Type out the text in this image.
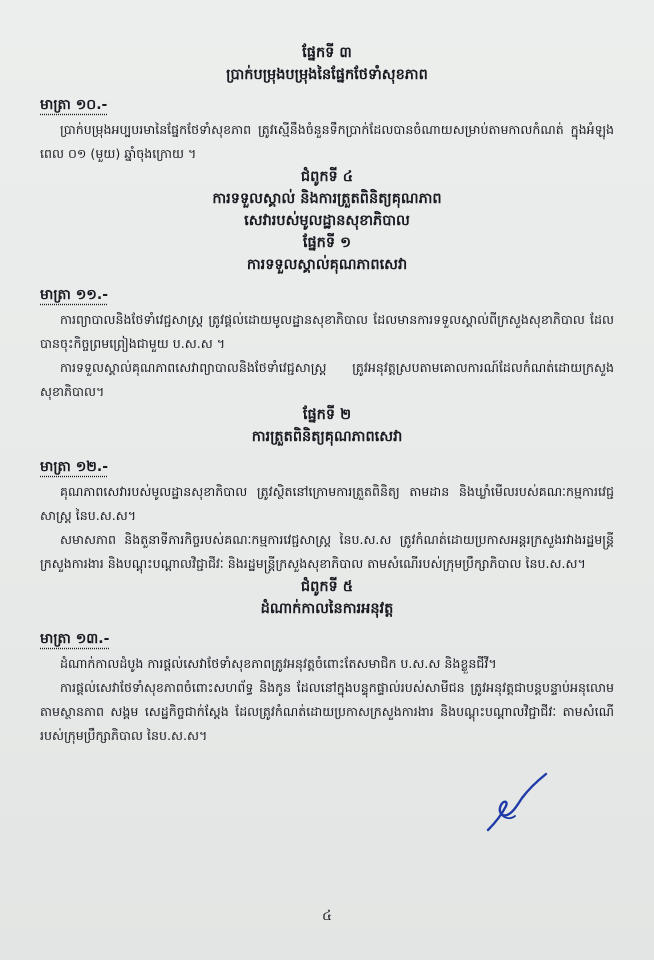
ផ្នែកទី ៣

ប្រាក់បម្រុងបម្រុងនៃផ្នែកថែទាំសុខភាព

មាត្រា ១០.-

ប្រាក់បម្រុងអប្បបរមានៃផ្នែកថែទាំសុខភាព ត្រូវស្មើនឹងចំនួនទឹកប្រាក់ដែលបានចំណាយសម្រាប់តាមកាលកំណត់ ក្នុងអំឡុងពេល ០១ (មួយ) ឆ្នាំចុងក្រោយ ។

ជំពូកទី ៤

ការទទួលស្គាល់ និងការត្រួតពិនិត្យគុណភាព

សេវារបស់មូលដ្ឋានសុខាភិបាល

ផ្នែកទី ១

ការទទួលស្គាល់គុណភាពសេវា

មាត្រា ១១.-

ការព្យាបាលនិងថែទាំវេជ្ជសាស្ត្រ ត្រូវផ្តល់ដោយមូលដ្ឋានសុខាភិបាល ដែលមានការទទួលស្គាល់ពីក្រសួងសុខាភិបាល ដែលបានចុះកិច្ចព្រមព្រៀងជាមួយ ប.ស.ស ។

ការទទួលស្គាល់គុណភាពសេវាព្យាបាលនិងថែទាំវេជ្ជសាស្ត្រ ត្រូវអនុវត្តស្របតាមគោលការណ៍ដែលកំណត់ដោយក្រសួងសុខាភិបាល។

ផ្នែកទី ២

ការត្រួតពិនិត្យគុណភាពសេវា

មាត្រា ១២.-

គុណភាពសេវារបស់មូលដ្ឋានសុខាភិបាល ត្រូវស្ថិតនៅក្រោមការត្រួតពិនិត្យ តាមដាន និងឃ្លាំមើលរបស់គណៈកម្មការវេជ្ជសាស្ត្រ នៃប.ស.ស។

សមាសភាព និងតួនាទីភារកិច្ចរបស់គណៈកម្មការវេជ្ជសាស្ត្រ នៃប.ស.ស ត្រូវកំណត់ដោយប្រកាសអន្តរក្រសួងរវាងរដ្ឋមន្ត្រីក្រសួងការងារ និងបណ្តុះបណ្តាលវិជ្ជាជីវៈ និងរដ្ឋមន្ត្រីក្រសួងសុខាភិបាល តាមសំណើរបស់ក្រុមប្រឹក្សាភិបាល នៃប.ស.ស។

ជំពូកទី ៥

ដំណាក់កាលនៃការអនុវត្ត

មាត្រា ១៣.-

ដំណាក់កាលដំបូង ការផ្តល់សេវាថែទាំសុខភាពត្រូវអនុវត្តចំពោះតែសមាជិក ប.ស.ស និងខ្លួនជីវី។

ការផ្តល់សេវាថែទាំសុខភាពចំពោះសហព័ទ្ធ និងកូន ដែលនៅក្នុងបន្ទុកផ្ទាល់របស់សាមីជន ត្រូវអនុវត្តជាបន្តបន្ទាប់អនុលោមតាមស្ថានភាព សង្គម សេដ្ឋកិច្ចជាក់ស្តែង ដែលត្រូវកំណត់ដោយប្រកាសក្រសួងការងារ និងបណ្តុះបណ្តាលវិជ្ជាជីវៈ តាមសំណើរបស់ក្រុមប្រឹក្សាភិបាល នៃប.ស.ស។

៤
